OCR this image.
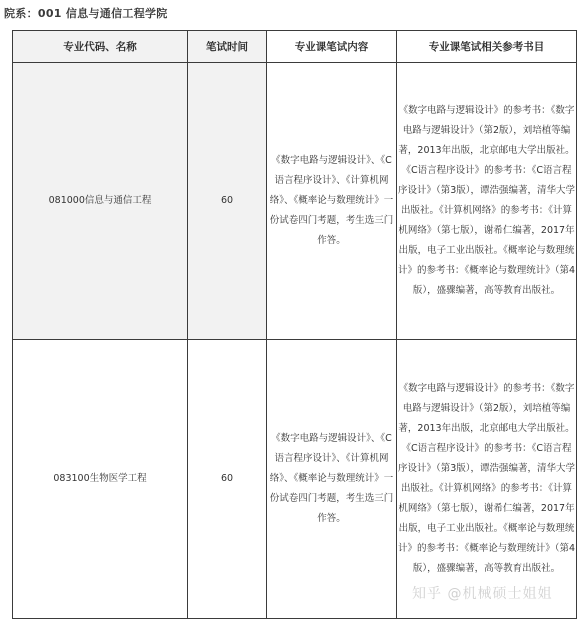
院系：001 信息与通信工程学院
专业代码、名称	笔试时间	专业课笔试内容	专业课笔试相关参考书目
081000信息与通信工程	60	《数字电路与逻辑设计》、《C语言程序设计》、《计算机网络》、《概率论与数理统计》一份试卷四门考题，考生选三门作答。	《数字电路与逻辑设计》的参考书：《数字电路与逻辑设计》（第2版），刘培植等编著，2013年出版，北京邮电大学出版社。《C语言程序设计》的参考书：《C语言程序设计》（第3版），谭浩强编著，清华大学出版社。《计算机网络》的参考书：《计算机网络》（第七版），谢希仁编著，2017年出版，电子工业出版社。《概率论与数理统计》的参考书：《概率论与数理统计》（第4版），盛骤编著，高等教育出版社。
083100生物医学工程	60	《数字电路与逻辑设计》、《C语言程序设计》、《计算机网络》、《概率论与数理统计》一份试卷四门考题，考生选三门作答。	《数字电路与逻辑设计》的参考书：《数字电路与逻辑设计》（第2版），刘培植等编著，2013年出版，北京邮电大学出版社。《C语言程序设计》的参考书：《C语言程序设计》（第3版），谭浩强编著，清华大学出版社。《计算机网络》的参考书：《计算机网络》（第七版），谢希仁编著，2017年出版，电子工业出版社。《概率论与数理统计》的参考书：《概率论与数理统计》（第4版），盛骤编著，高等教育出版社。
知乎 @机械硕士姐姐
